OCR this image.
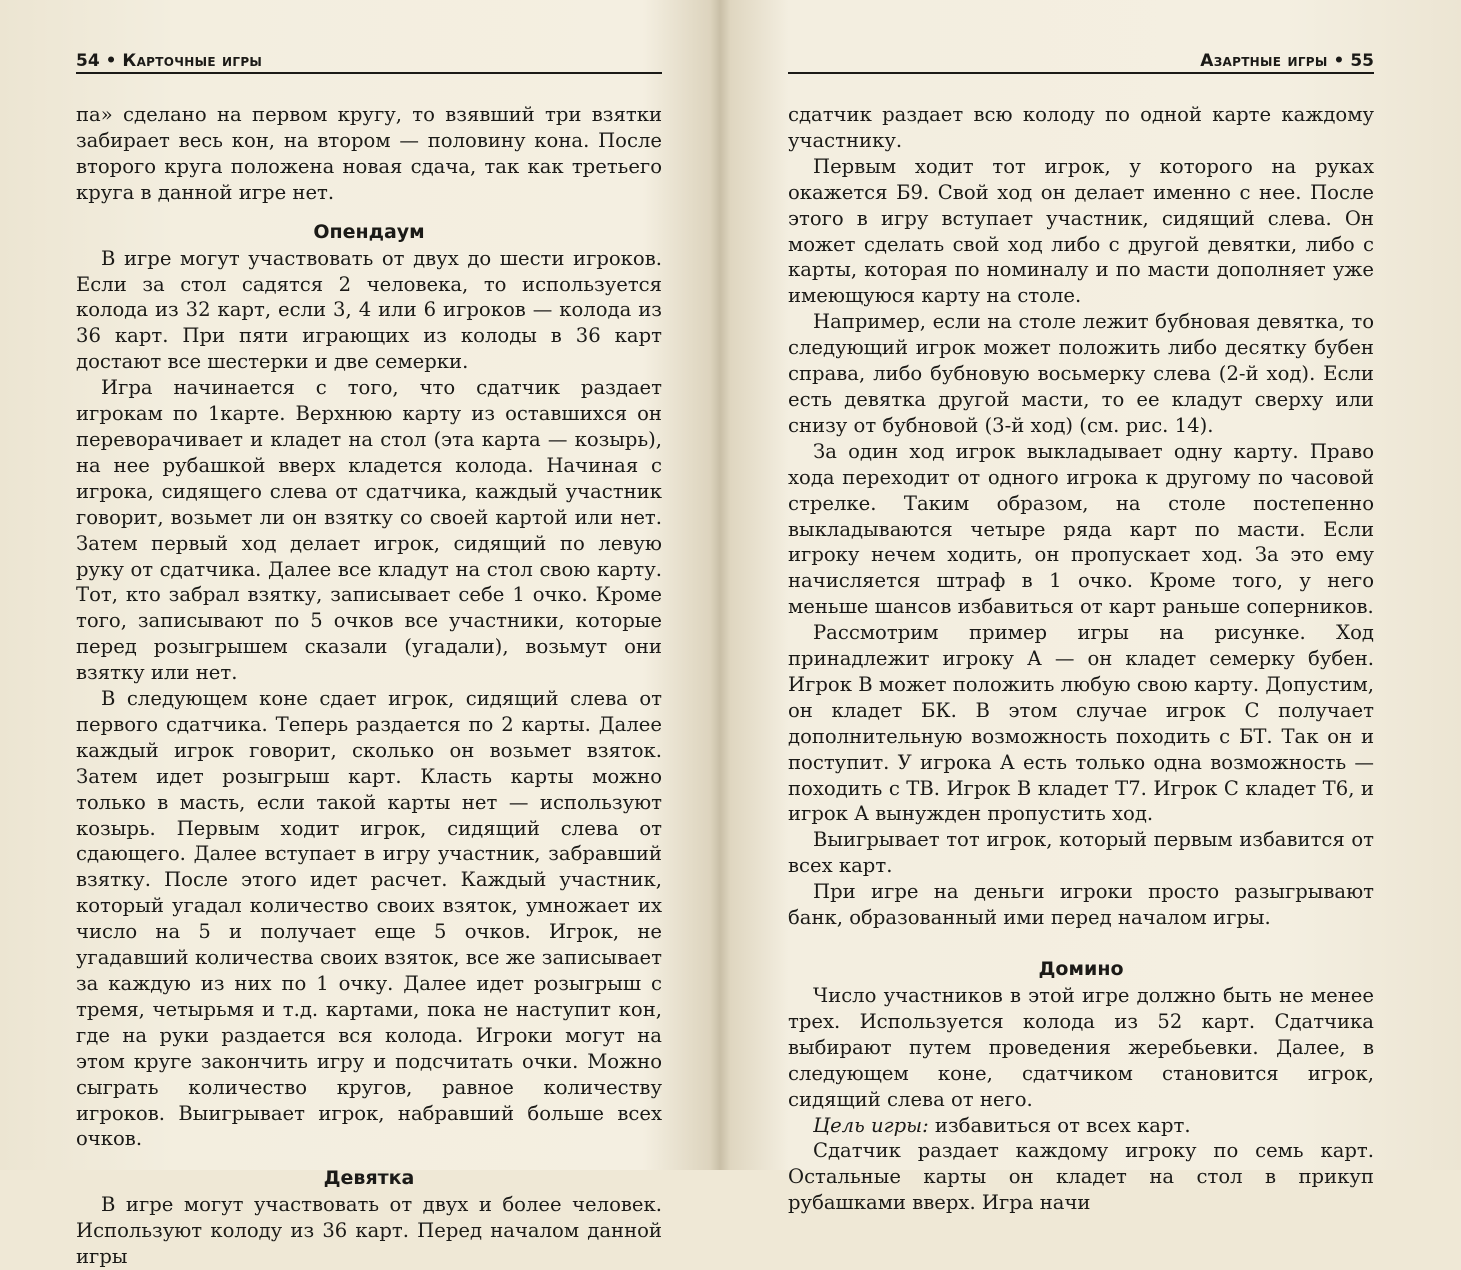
54 • Карточные игры

па» сделано на первом кругу, то взявший три взятки забирает весь кон, на втором — половину кона. После второго круга положена новая сдача, так как третьего круга в данной игре нет.

Опендаум

В игре могут участвовать от двух до шести игроков. Если за стол садятся 2 человека, то используется колода из 32 карт, если 3, 4 или 6 игроков — колода из 36 карт. При пяти играющих из колоды в 36 карт достают все шестерки и две семерки.

Игра начинается с того, что сдатчик раздает игрокам по 1карте. Верхнюю карту из оставшихся он переворачивает и кладет на стол (эта карта — козырь), на нее рубашкой вверх кладется колода. Начиная с игрока, сидящего слева от сдатчика, каждый участник говорит, возьмет ли он взятку со своей картой или нет. Затем первый ход делает игрок, сидящий по левую руку от сдатчика. Далее все кладут на стол свою карту. Тот, кто забрал взятку, записывает себе 1 очко. Кроме того, записывают по 5 очков все участники, которые перед розыгрышем сказали (угадали), возьмут они взятку или нет.

В следующем коне сдает игрок, сидящий слева от первого сдатчика. Теперь раздается по 2 карты. Далее каждый игрок говорит, сколько он возьмет взяток. Затем идет розыгрыш карт. Класть карты можно только в масть, если такой карты нет — используют козырь. Первым ходит игрок, сидящий слева от сдающего. Далее вступает в игру участник, забравший взятку. После этого идет расчет. Каждый участник, который угадал количество своих взяток, умножает их число на 5 и получает еще 5 очков. Игрок, не угадавший количества своих взяток, все же записывает за каждую из них по 1 очку. Далее идет розыгрыш с тремя, четырьмя и т.д. картами, пока не наступит кон, где на руки раздается вся колода. Игроки могут на этом круге закончить игру и подсчитать очки. Можно сыграть количество кругов, равное количеству игроков. Выигрывает игрок, набравший больше всех очков.

Девятка

В игре могут участвовать от двух и более человек. Используют колоду из 36 карт. Перед началом данной игры

Азартные игры • 55

сдатчик раздает всю колоду по одной карте каждому участнику.

Первым ходит тот игрок, у которого на руках окажется Б9. Свой ход он делает именно с нее. После этого в игру вступает участник, сидящий слева. Он может сделать свой ход либо с другой девятки, либо с карты, которая по номиналу и по масти дополняет уже имеющуюся карту на столе.

Например, если на столе лежит бубновая девятка, то следующий игрок может положить либо десятку бубен справа, либо бубновую восьмерку слева (2-й ход). Если есть девятка другой масти, то ее кладут сверху или снизу от бубновой (3-й ход) (см. рис. 14).

За один ход игрок выкладывает одну карту. Право хода переходит от одного игрока к другому по часовой стрелке. Таким образом, на столе постепенно выкладываются четыре ряда карт по масти. Если игроку нечем ходить, он пропускает ход. За это ему начисляется штраф в 1 очко. Кроме того, у него меньше шансов избавиться от карт раньше соперников.

Рассмотрим пример игры на рисунке. Ход принадлежит игроку А — он кладет семерку бубен. Игрок В может положить любую свою карту. Допустим, он кладет БК. В этом случае игрок С получает дополнительную возможность походить с БТ. Так он и поступит. У игрока А есть только одна возможность — походить с ТВ. Игрок В кладет Т7. Игрок С кладет Т6, и игрок А вынужден пропустить ход.

Выигрывает тот игрок, который первым избавится от всех карт.

При игре на деньги игроки просто разыгрывают банк, образованный ими перед началом игры.

Домино

Число участников в этой игре должно быть не менее трех. Используется колода из 52 карт. Сдатчика выбирают путем проведения жеребьевки. Далее, в следующем коне, сдатчиком становится игрок, сидящий слева от него.

Цель игры: избавиться от всех карт.

Сдатчик раздает каждому игроку по семь карт. Остальные карты он кладет на стол в прикуп рубашками вверх. Игра начи
